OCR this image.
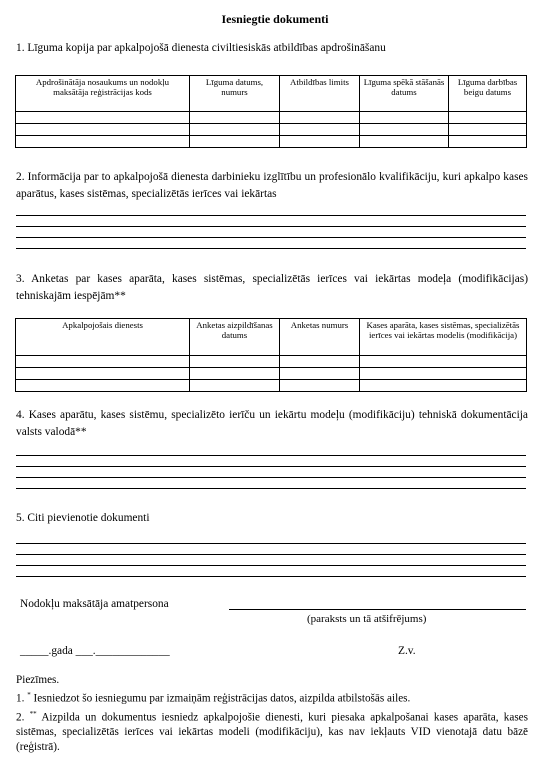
Iesniegtie dokumenti
1. Līguma kopija par apkalpojošā dienesta civiltiesiskās atbildības apdrošināšanu
Apdrošinātāja nosaukums un nodokļu maksātāja reģistrācijas kods	Līguma datums, numurs	Atbildības limits	Līguma spēkā stāšanās datums	Līguma darbības beigu datums

2. Informācija par to apkalpojošā dienesta darbinieku izglītību un profesionālo kvalifikāciju, kuri apkalpo kases aparātus, kases sistēmas, specializētās ierīces vai iekārtas
3. Anketas par kases aparāta, kases sistēmas, specializētās ierīces vai iekārtas modeļa (modifikācijas) tehniskajām iespējām**
Apkalpojošais dienests	Anketas aizpildīšanas datums	Anketas numurs	Kases aparāta, kases sistēmas, specializētās ierīces vai iekārtas modelis (modifikācija)

4. Kases aparātu, kases sistēmu, specializēto ierīču un iekārtu modeļu (modifikāciju) tehniskā dokumentācija valsts valodā**
5. Citi pievienotie dokumenti
Nodokļu maksātāja amatpersona
(paraksts un tā atšifrējums)
_____.gada ___._____________	Z.v.
Piezīmes.
1. * Iesniedzot šo iesniegumu par izmaiņām reģistrācijas datos, aizpilda atbilstošās ailes.
2. ** Aizpilda un dokumentus iesniedz apkalpojošie dienesti, kuri piesaka apkalpošanai kases aparāta, kases sistēmas, specializētās ierīces vai iekārtas modeli (modifikāciju), kas nav iekļauts VID vienotajā datu bāzē (reģistrā).
